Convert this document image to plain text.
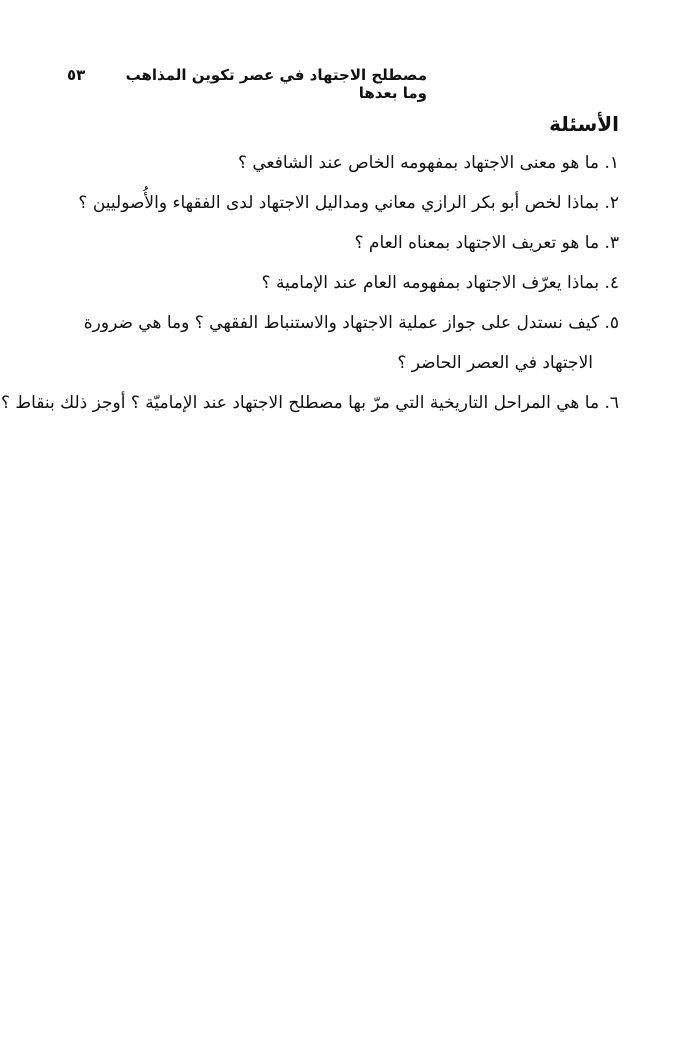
مصطلح الاجتهاد في عصر تكوين المذاهب وما بعدها
٥٣
الأسئلة
١. ما هو معنى الاجتهاد بمفهومه الخاص عند الشافعي ؟
٢. بماذا لخص أبو بكر الرازي معاني ومداليل الاجتهاد لدى الفقهاء والأُصوليين ؟
٣. ما هو تعريف الاجتهاد بمعناه العام ؟
٤. بماذا يعرّف الاجتهاد بمفهومه العام عند الإمامية ؟
٥. كيف نستدل على جواز عملية الاجتهاد والاستنباط الفقهي ؟ وما هي ضرورة
الاجتهاد في العصر الحاضر ؟
٦. ما هي المراحل التاريخية التي مرّ بها مصطلح الاجتهاد عند الإماميّة ؟ أوجز ذلك بنقاط ؟
